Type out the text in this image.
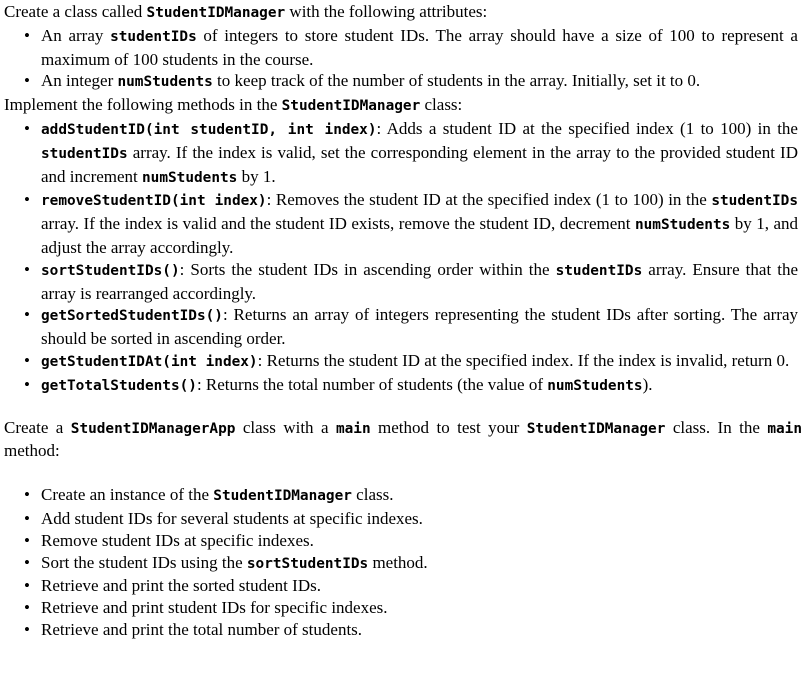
Create a class called StudentIDManager with the following attributes:

• An array studentIDs of integers to store student IDs. The array should have a size of 100 to represent a maximum of 100 students in the course.
• An integer numStudents to keep track of the number of students in the array. Initially, set it to 0.

Implement the following methods in the StudentIDManager class:

• addStudentID(int studentID, int index): Adds a student ID at the specified index (1 to 100) in the studentIDs array. If the index is valid, set the corresponding element in the array to the provided student ID and increment numStudents by 1.
• removeStudentID(int index): Removes the student ID at the specified index (1 to 100) in the studentIDs array. If the index is valid and the student ID exists, remove the student ID, decrement numStudents by 1, and adjust the array accordingly.
• sortStudentIDs(): Sorts the student IDs in ascending order within the studentIDs array. Ensure that the array is rearranged accordingly.
• getSortedStudentIDs(): Returns an array of integers representing the student IDs after sorting. The array should be sorted in ascending order.
• getStudentIDAt(int index): Returns the student ID at the specified index. If the index is invalid, return 0.
• getTotalStudents(): Returns the total number of students (the value of numStudents).

Create a StudentIDManagerApp class with a main method to test your StudentIDManager class. In the main method:

• Create an instance of the StudentIDManager class.
• Add student IDs for several students at specific indexes.
• Remove student IDs at specific indexes.
• Sort the student IDs using the sortStudentIDs method.
• Retrieve and print the sorted student IDs.
• Retrieve and print student IDs for specific indexes.
• Retrieve and print the total number of students.
